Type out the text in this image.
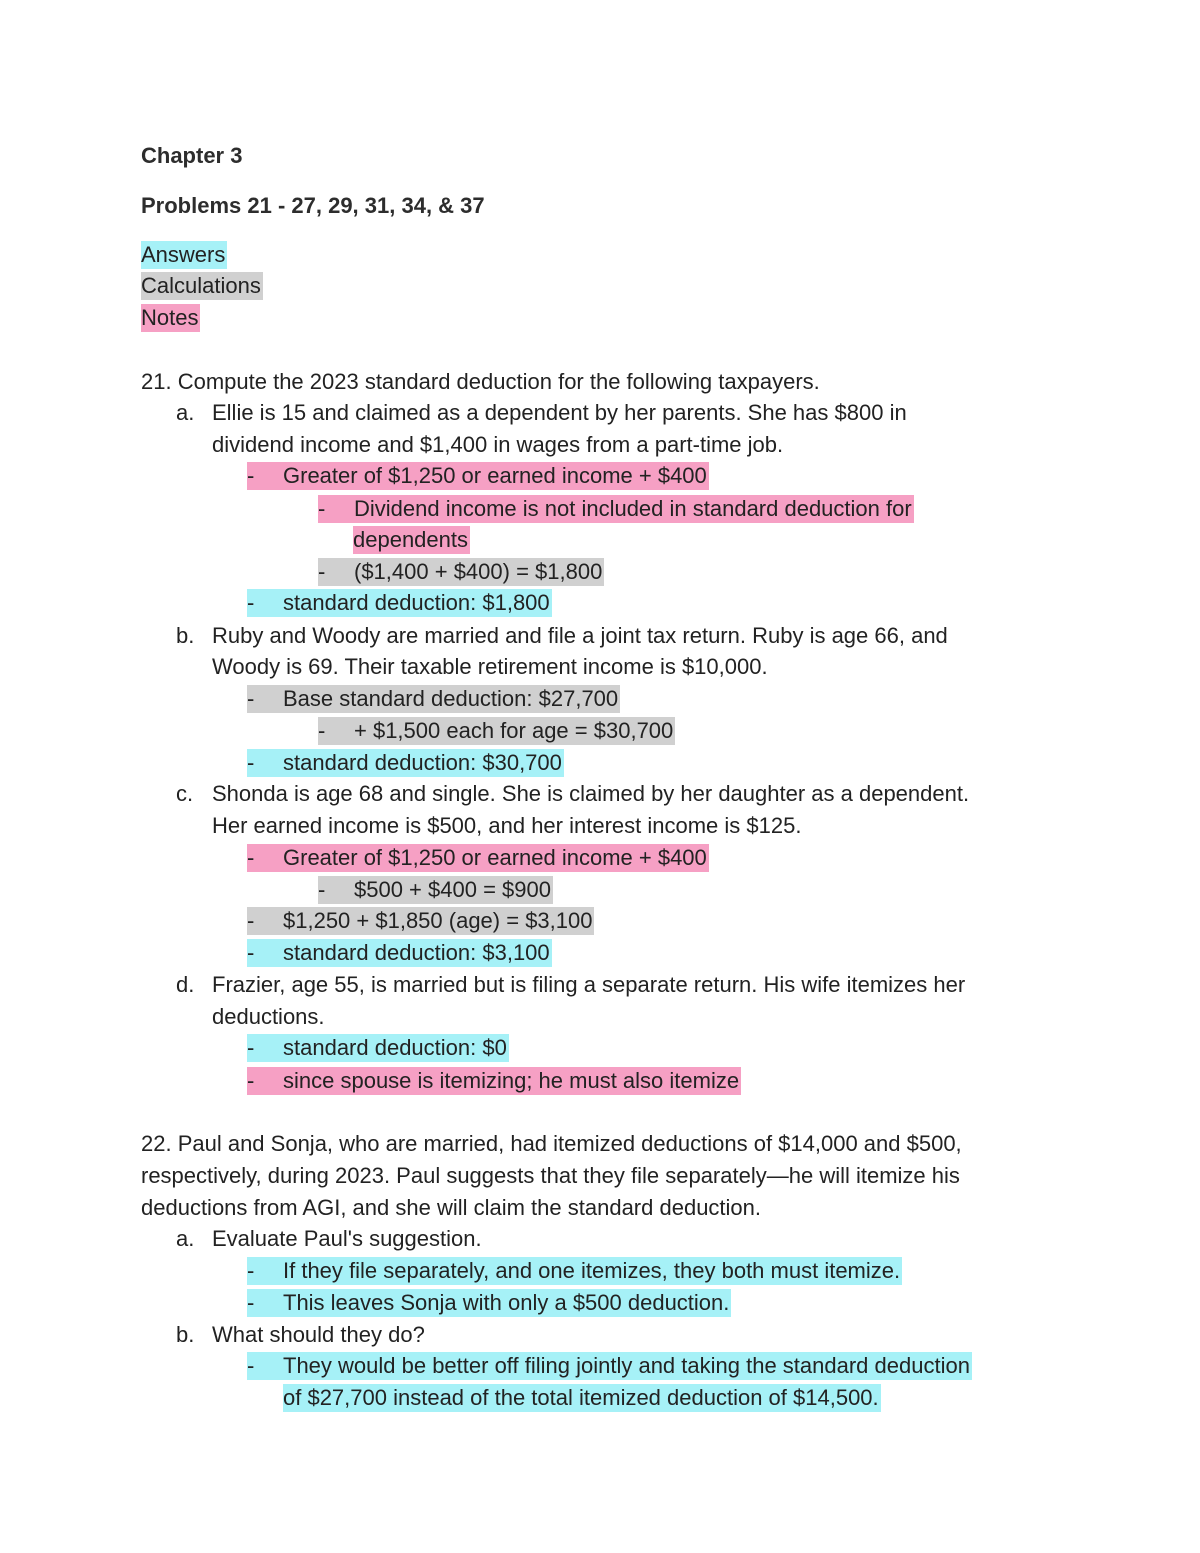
Chapter 3
Problems 21 - 27, 29, 31, 34, & 37
Answers
Calculations
Notes
21. Compute the 2023 standard deduction for the following taxpayers.
a. Ellie is 15 and claimed as a dependent by her parents. She has $800 in
dividend income and $1,400 in wages from a part-time job.
- Greater of $1,250 or earned income + $400
- Dividend income is not included in standard deduction for
dependents
- ($1,400 + $400) = $1,800
- standard deduction: $1,800
b. Ruby and Woody are married and file a joint tax return. Ruby is age 66, and
Woody is 69. Their taxable retirement income is $10,000.
- Base standard deduction: $27,700
- + $1,500 each for age = $30,700
- standard deduction: $30,700
c. Shonda is age 68 and single. She is claimed by her daughter as a dependent.
Her earned income is $500, and her interest income is $125.
- Greater of $1,250 or earned income + $400
- $500 + $400 = $900
- $1,250 + $1,850 (age) = $3,100
- standard deduction: $3,100
d. Frazier, age 55, is married but is filing a separate return. His wife itemizes her
deductions.
- standard deduction: $0
- since spouse is itemizing; he must also itemize
22. Paul and Sonja, who are married, had itemized deductions of $14,000 and $500,
respectively, during 2023. Paul suggests that they file separately—he will itemize his
deductions from AGI, and she will claim the standard deduction.
a. Evaluate Paul's suggestion.
- If they file separately, and one itemizes, they both must itemize.
- This leaves Sonja with only a $500 deduction.
b. What should they do?
- They would be better off filing jointly and taking the standard deduction
of $27,700 instead of the total itemized deduction of $14,500.
